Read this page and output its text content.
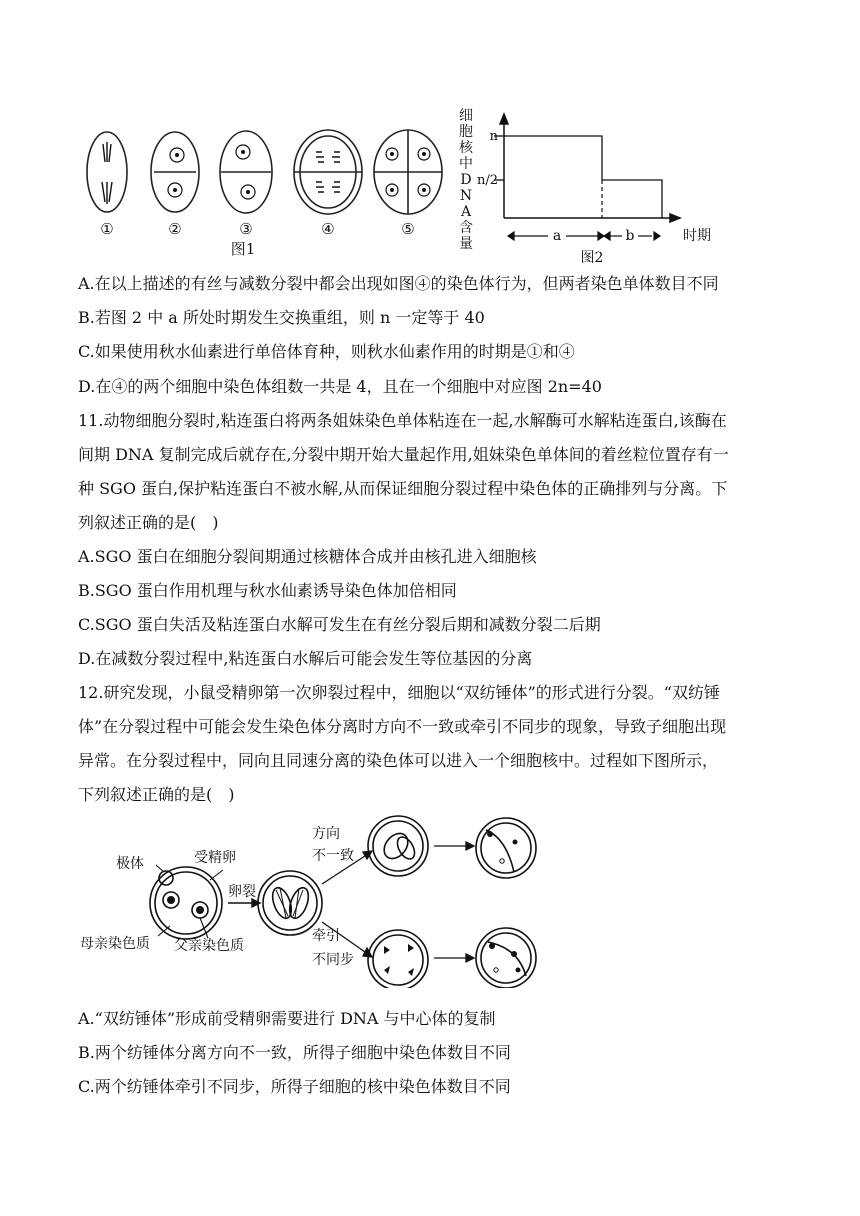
①	②	③	④	⑤
图1
细
胞
核
中
D
N
A
含
量
n
n/2
a	b	时期
图2
A.在以上描述的有丝与减数分裂中都会出现如图④的染色体行为，但两者染色单体数目不同
B.若图 2 中 a 所处时期发生交换重组，则 n 一定等于 40
C.如果使用秋水仙素进行单倍体育种，则秋水仙素作用的时期是①和④
D.在④的两个细胞中染色体组数一共是 4，且在一个细胞中对应图 2n=40
11.动物细胞分裂时,粘连蛋白将两条姐妹染色单体粘连在一起,水解酶可水解粘连蛋白,该酶在
间期 DNA 复制完成后就存在,分裂中期开始大量起作用,姐妹染色单体间的着丝粒位置存有一
种 SGO 蛋白,保护粘连蛋白不被水解,从而保证细胞分裂过程中染色体的正确排列与分离。下
列叙述正确的是(　)
A.SGO 蛋白在细胞分裂间期通过核糖体合成并由核孔进入细胞核
B.SGO 蛋白作用机理与秋水仙素诱导染色体加倍相同
C.SGO 蛋白失活及粘连蛋白水解可发生在有丝分裂后期和减数分裂二后期
D.在减数分裂过程中,粘连蛋白水解后可能会发生等位基因的分离
12.研究发现，小鼠受精卵第一次卵裂过程中，细胞以“双纺锤体”的形式进行分裂。“双纺锤
体”在分裂过程中可能会发生染色体分离时方向不一致或牵引不同步的现象，导致子细胞出现
异常。在分裂过程中，同向且同速分离的染色体可以进入一个细胞核中。过程如下图所示，
下列叙述正确的是(　)
极体	受精卵
母亲染色质 父亲染色质
卵裂
方向
不一致
牵引
不同步
A.“双纺锤体”形成前受精卵需要进行 DNA 与中心体的复制
B.两个纺锤体分离方向不一致，所得子细胞中染色体数目不同
C.两个纺锤体牵引不同步，所得子细胞的核中染色体数目不同
